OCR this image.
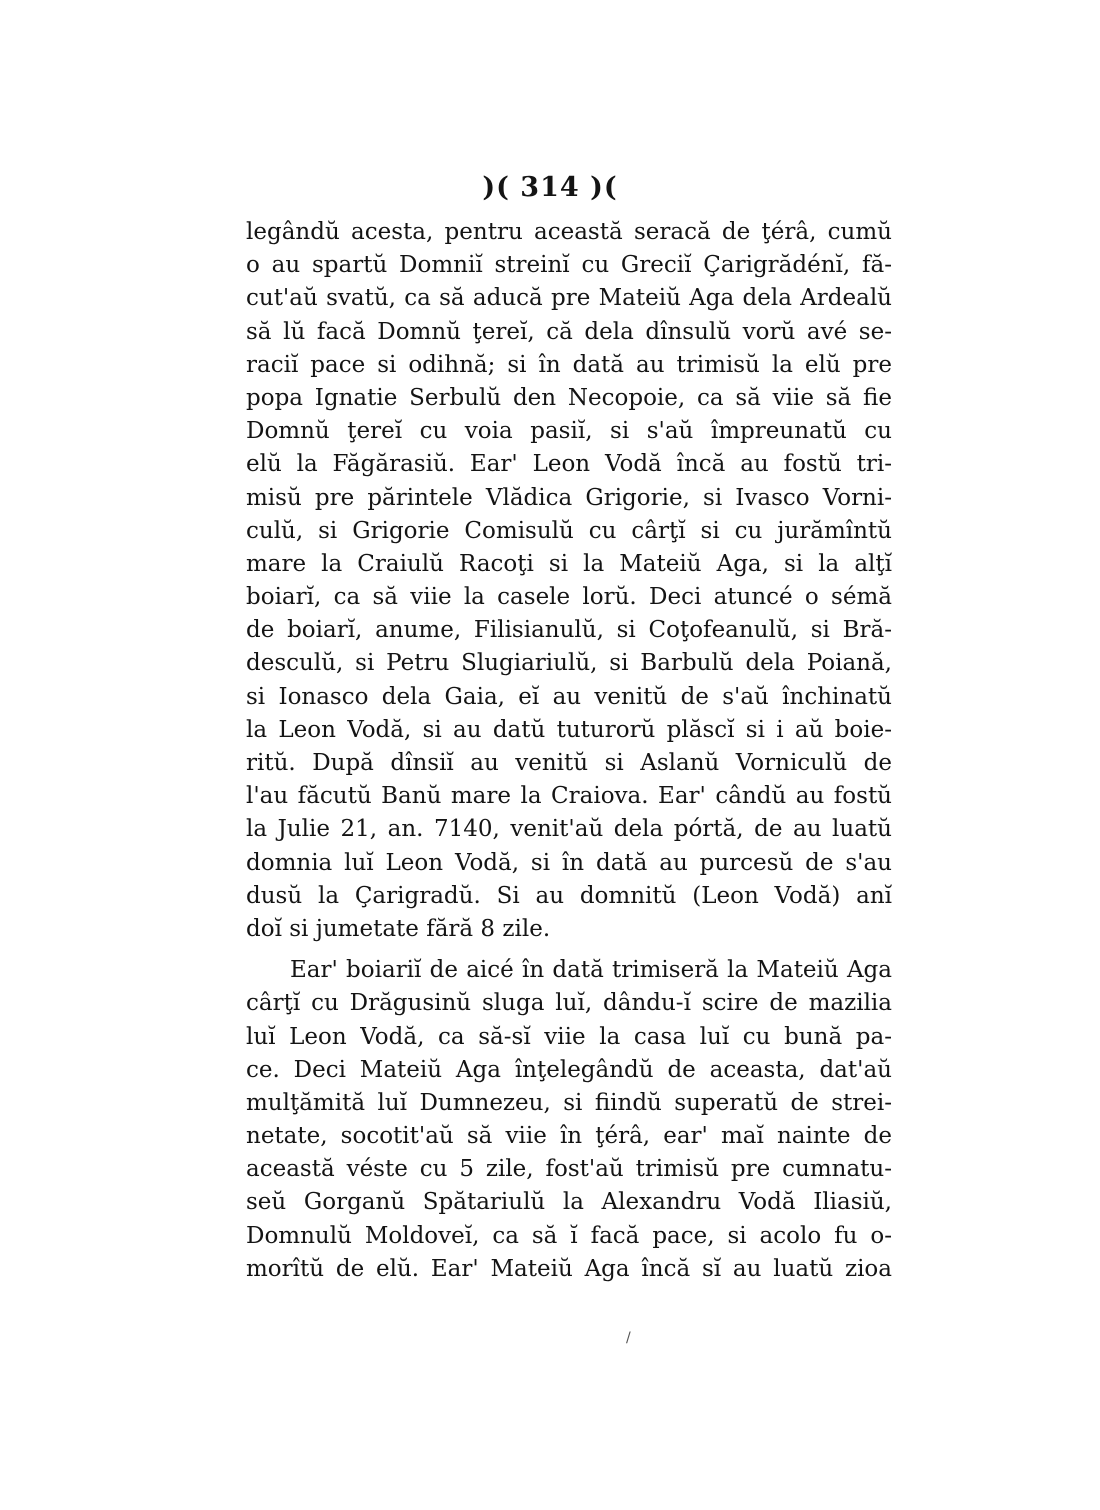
)( 314 )(
legândŭ acesta, pentru această seracă de ţérâ, cumŭ
o au spartŭ Domniĭ streinĭ cu Greciĭ Çarigrădénĭ, fă-
cut'aŭ svatŭ, ca să aducă pre Mateiŭ Aga dela Ardealŭ
să lŭ facă Domnŭ ţereĭ, că dela dînsulŭ vorŭ avé se-
raciĭ pace si odihnă; si în dată au trimisŭ la elŭ pre
popa Ignatie Serbulŭ den Necopoie, ca să viie să fie
Domnŭ ţereĭ cu voia pasiĭ, si s'aŭ împreunatŭ cu
elŭ la Făgărasiŭ. Ear' Leon Vodă încă au fostŭ tri-
misŭ pre părintele Vlădica Grigorie, si Ivasco Vorni-
culŭ, si Grigorie Comisulŭ cu cârţĭ si cu jurămîntŭ
mare la Craiulŭ Racoţi si la Mateiŭ Aga, si la alţĭ
boiarĭ, ca să viie la casele lorŭ. Deci atuncé o sémă
de boiarĭ, anume, Filisianulŭ, si Coţofeanulŭ, si Bră-
desculŭ, si Petru Slugiariulŭ, si Barbulŭ dela Poiană,
si Ionasco dela Gaia, eĭ au venitŭ de s'aŭ închinatŭ
la Leon Vodă, si au datŭ tuturorŭ plăscĭ si i aŭ boie-
ritŭ. După dînsiĭ au venitŭ si Aslanŭ Vorniculŭ de
l'au făcutŭ Banŭ mare la Craiova. Ear' cândŭ au fostŭ
la Julie 21, an. 7140, venit'aŭ dela pórtă, de au luatŭ
domnia luĭ Leon Vodă, si în dată au purcesŭ de s'au
dusŭ la Çarigradŭ. Si au domnitŭ (Leon Vodă) anĭ
doĭ si jumetate fără 8 zile.
Ear' boiariĭ de aicé în dată trimiseră la Mateiŭ Aga
cârţĭ cu Drăgusinŭ sluga luĭ, dându-ĭ scire de mazilia
luĭ Leon Vodă, ca să-sĭ viie la casa luĭ cu bună pa-
ce. Deci Mateiŭ Aga înţelegândŭ de aceasta, dat'aŭ
mulţămită luĭ Dumnezeu, si fiindŭ superatŭ de strei-
netate, socotit'aŭ să viie în ţérâ, ear' maĭ nainte de
această véste cu 5 zile, fost'aŭ trimisŭ pre cumnatu-
seŭ Gorganŭ Spătariulŭ la Alexandru Vodă Iliasiŭ,
Domnulŭ Moldoveĭ, ca să ĭ facă pace, si acolo fu o-
morîtŭ de elŭ. Ear' Mateiŭ Aga încă sĭ au luatŭ zioa
/
